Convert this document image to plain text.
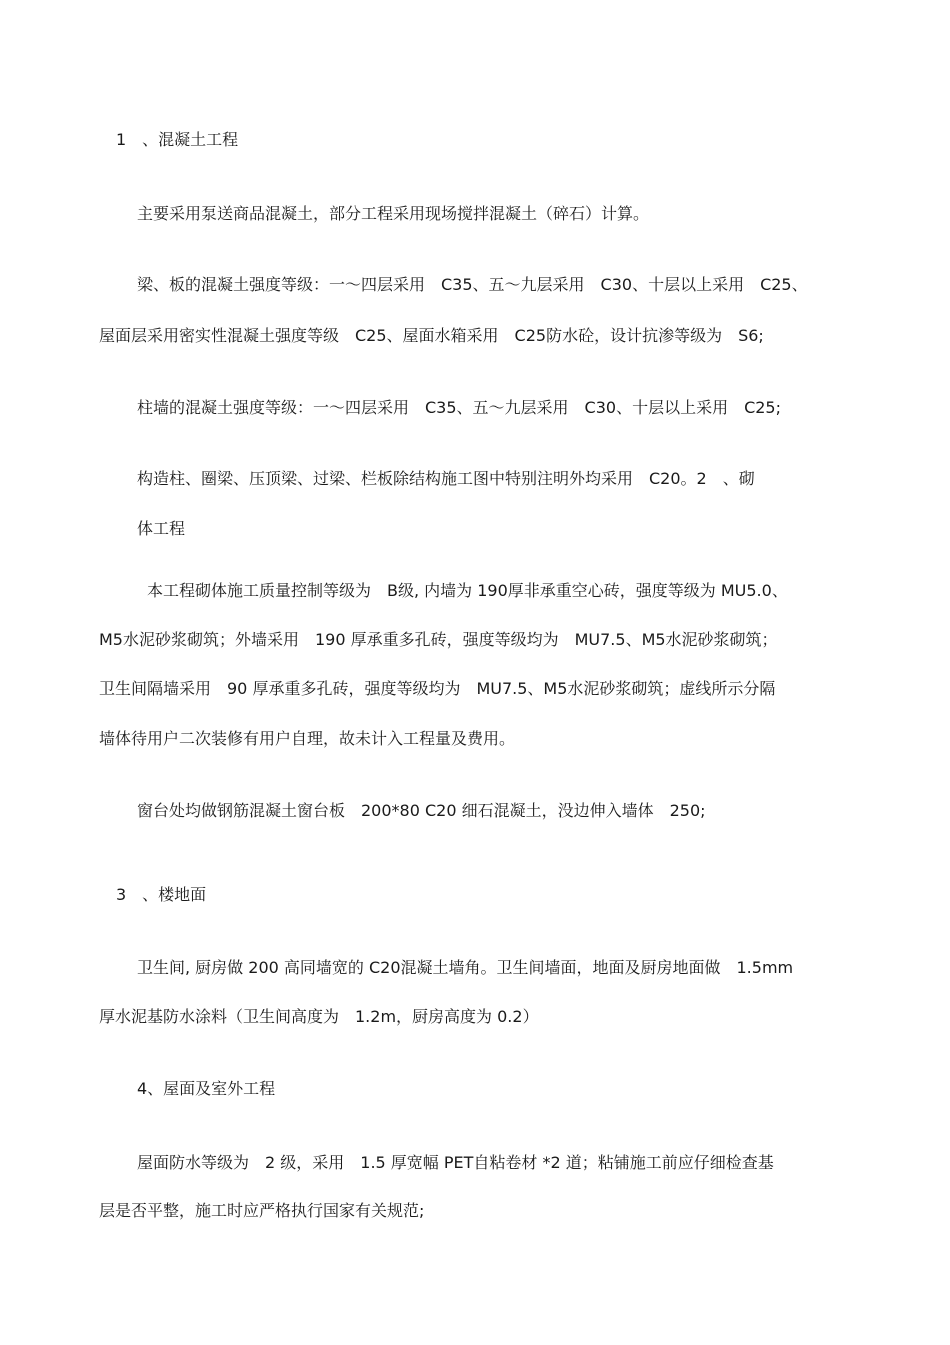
1　、混凝土工程
主要采用泵送商品混凝土，部分工程采用现场搅拌混凝土（碎石）计算。
梁、板的混凝土强度等级：一～四层采用　C35、五～九层采用　C30、十层以上采用　C25、
屋面层采用密实性混凝土强度等级　C25、屋面水箱采用　C25防水砼，设计抗渗等级为　S6;
柱墙的混凝土强度等级：一～四层采用　C35、五～九层采用　C30、十层以上采用　C25;
构造柱、圈梁、压顶梁、过梁、栏板除结构施工图中特别注明外均采用　C20。2　、砌
体工程
本工程砌体施工质量控制等级为　B级, 内墙为 190厚非承重空心砖，强度等级为 MU5.0、
M5水泥砂浆砌筑；外墙采用　190 厚承重多孔砖，强度等级均为　MU7.5、M5水泥砂浆砌筑；
卫生间隔墙采用　90 厚承重多孔砖，强度等级均为　MU7.5、M5水泥砂浆砌筑；虚线所示分隔
墙体待用户二次装修有用户自理，故未计入工程量及费用。
窗台处均做钢筋混凝土窗台板　200*80 C20 细石混凝土，没边伸入墙体　250;
3　、楼地面
卫生间, 厨房做 200 高同墙宽的 C20混凝土墙角。卫生间墙面，地面及厨房地面做　1.5mm
厚水泥基防水涂料（卫生间高度为　1.2m，厨房高度为 0.2）
4、屋面及室外工程
屋面防水等级为　2 级，采用　1.5 厚宽幅 PET自粘卷材 *2 道；粘铺施工前应仔细检查基
层是否平整，施工时应严格执行国家有关规范;
